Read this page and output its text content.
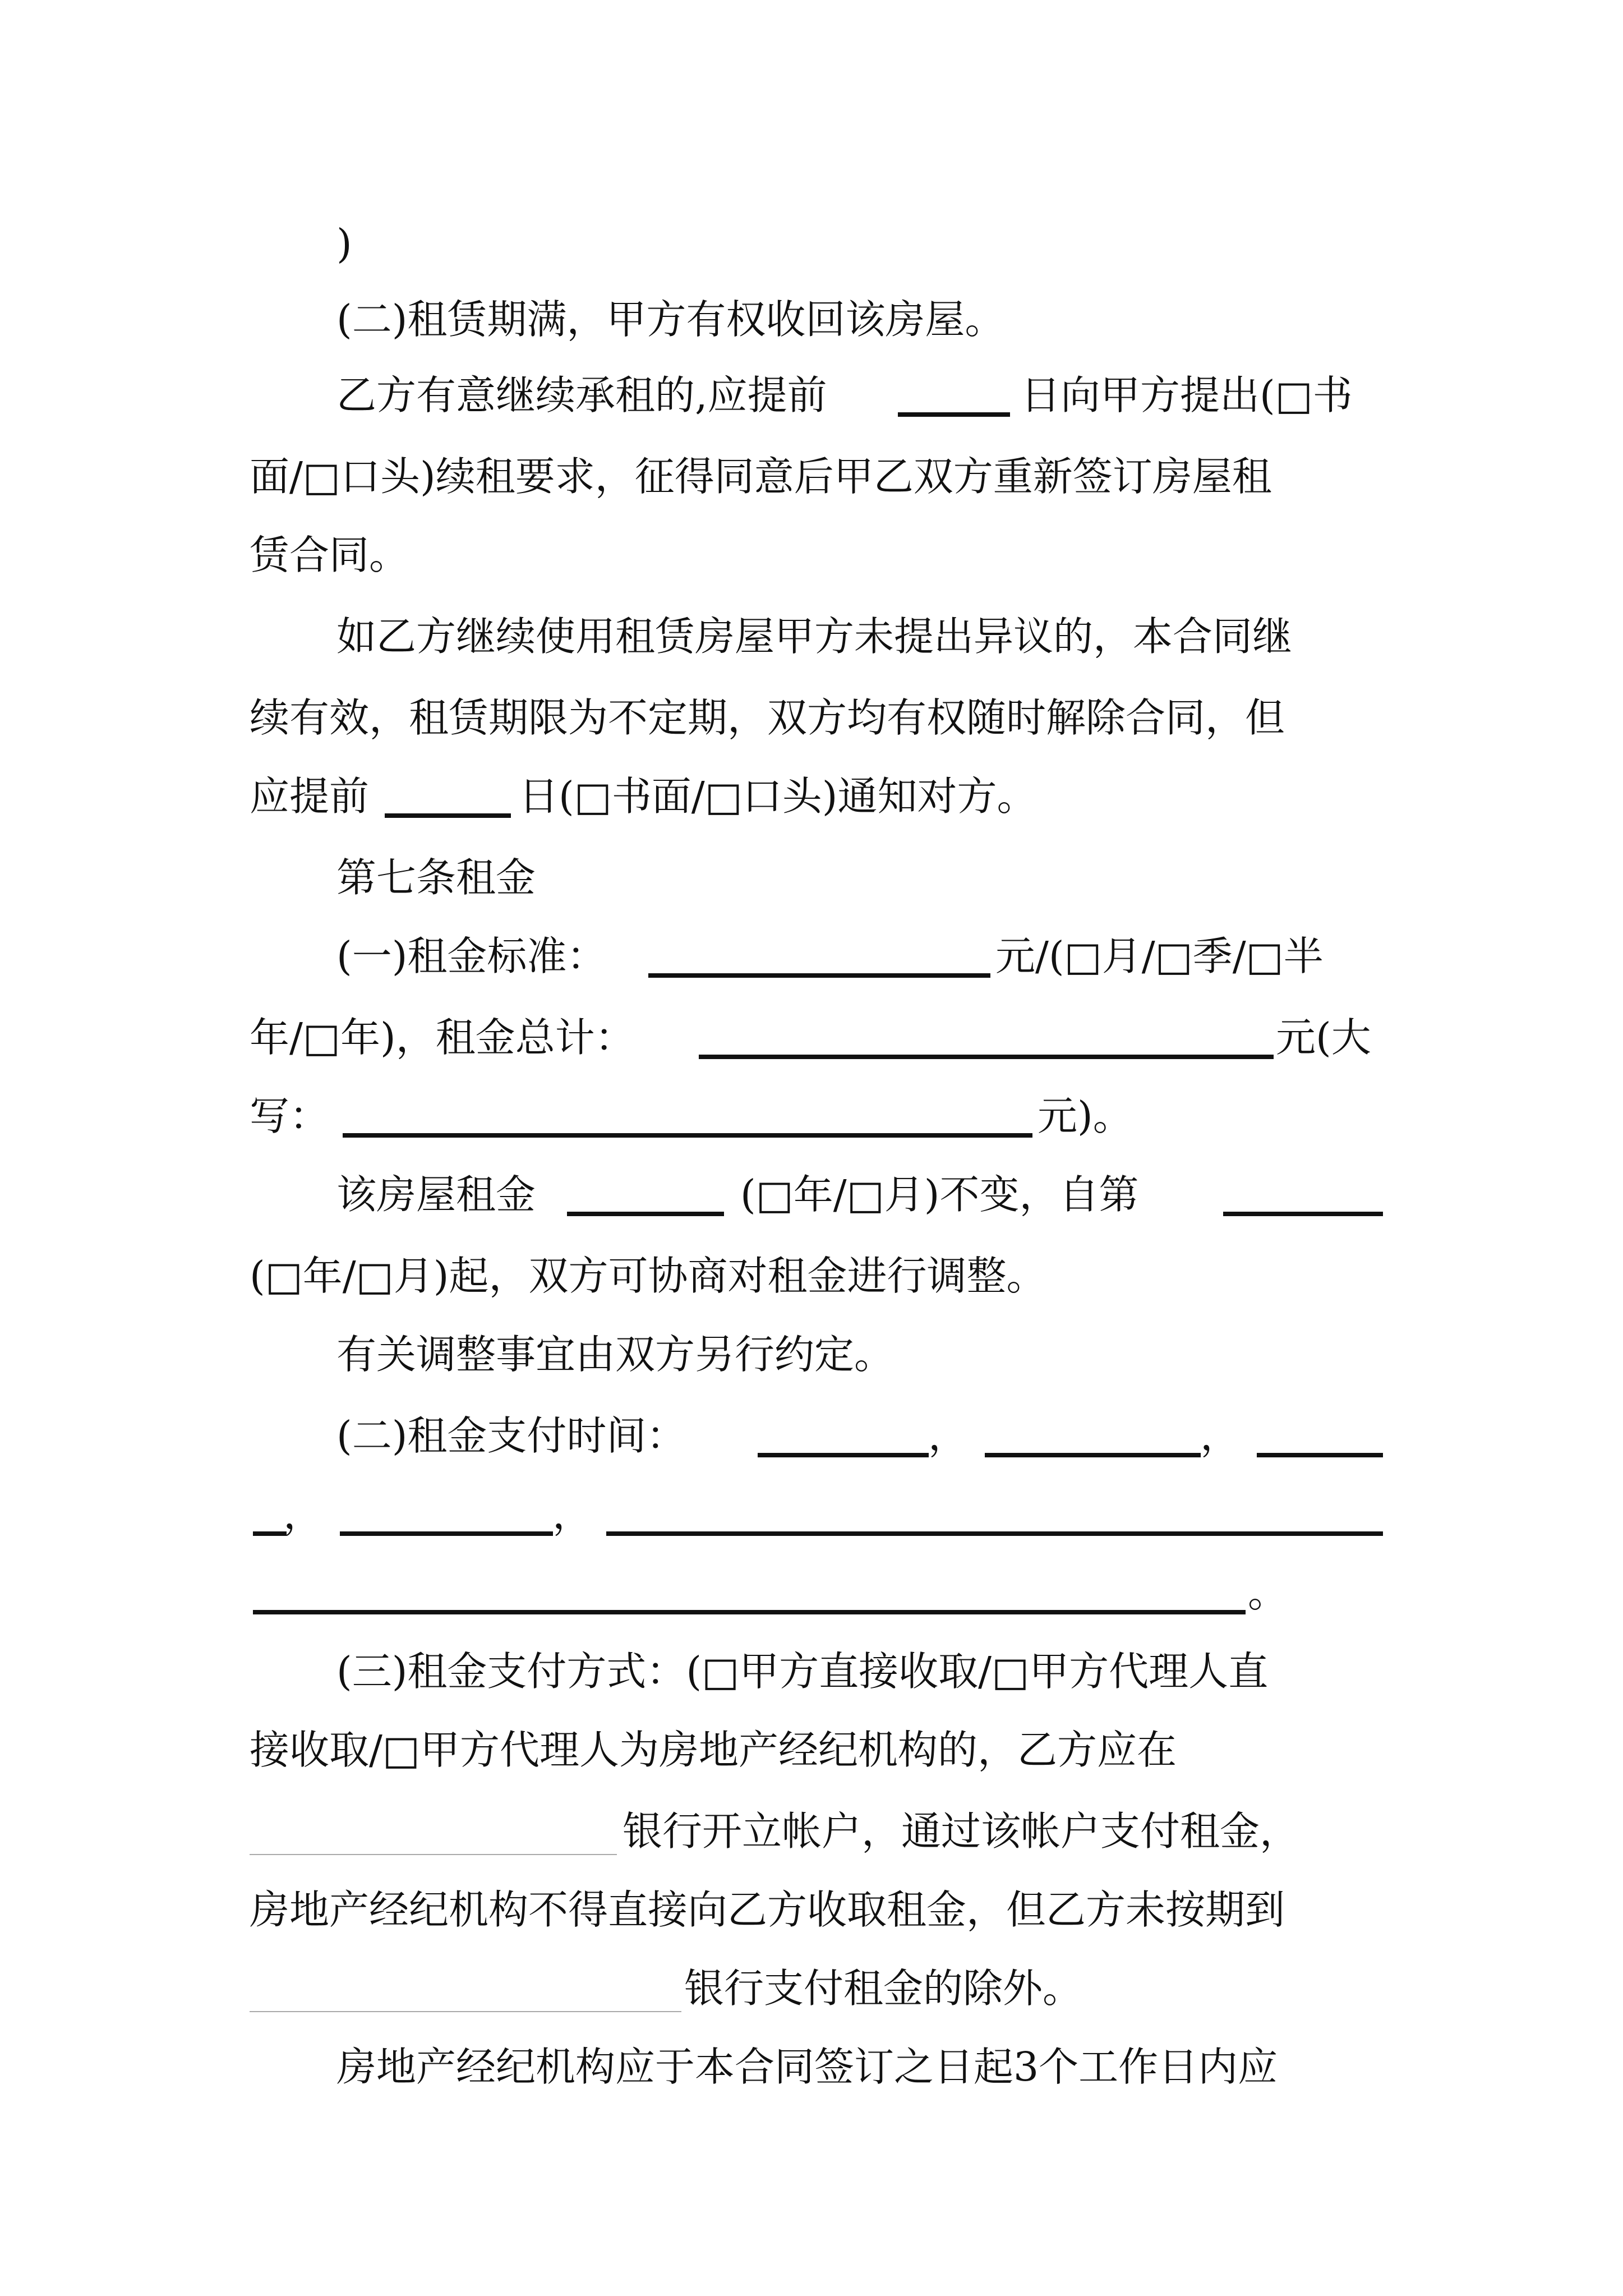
)
(二)租赁期满，甲方有权收回该房屋。
乙方有意继续承租的,应提前	日向甲方提出(□书
面/□口头)续租要求，征得同意后甲乙双方重新签订房屋租
赁合同。
如乙方继续使用租赁房屋甲方未提出异议的，本合同继
续有效，租赁期限为不定期，双方均有权随时解除合同，但
应提前	日(□书面/□口头)通知对方。
第七条租金
(一)租金标准：	元/(□月/□季/□半
年/□年)，租金总计：	元(大
写：	元)。
该房屋租金	(□年/□月)不变，自第
(□年/□月)起，双方可协商对租金进行调整。
有关调整事宜由双方另行约定。
(二)租金支付时间：	，	，
，	，
。
(三)租金支付方式：(□甲方直接收取/□甲方代理人直
接收取/□甲方代理人为房地产经纪机构的，乙方应在
银行开立帐户，通过该帐户支付租金，
房地产经纪机构不得直接向乙方收取租金，但乙方未按期到
银行支付租金的除外。
房地产经纪机构应于本合同签订之日起3个工作日内应
